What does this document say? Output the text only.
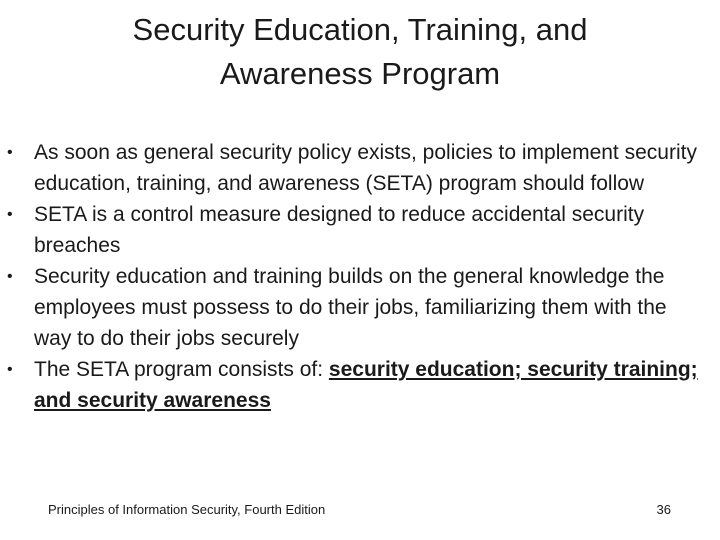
Security Education, Training, and
Awareness Program
• As soon as general security policy exists, policies to implement security education, training, and awareness (SETA) program should follow
• SETA is a control measure designed to reduce accidental security breaches
• Security education and training builds on the general knowledge the employees must possess to do their jobs, familiarizing them with the way to do their jobs securely
• The SETA program consists of: security education; security training; and security awareness
Principles of Information Security, Fourth Edition	36
